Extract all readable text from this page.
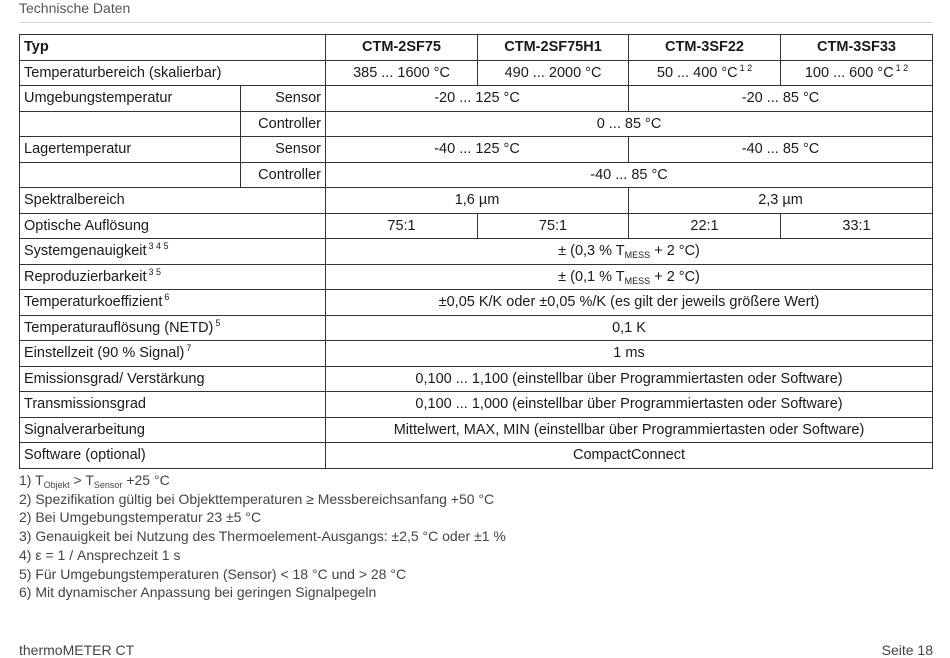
Technische Daten
Typ		CTM-2SF75	CTM-2SF75H1	CTM-3SF22	CTM-3SF33
Temperaturbereich (skalierbar)		385 ... 1600 °C	490 ... 2000 °C	50 ... 400 °C $^{1 2}$	100 ... 600 °C $^{1 2}$
Umgebungstemperatur	Sensor	-20 ... 125 °C		-20 ... 85 °C	
	Controller	0 ... 85 °C			
Lagertemperatur	Sensor	-40 ... 125 °C		-40 ... 85 °C	
	Controller	-40 ... 85 °C			
Spektralbereich		1,6 µm		2,3 µm	
Optische Auflösung		75:1	75:1	22:1	33:1
Systemgenauigkeit $^{3 4 5}$		± (0,3 % $T_{MESS} + 2$ °C)			
Reproduzierbarkeit $^{3 5}$		± (0,1 % $T_{MESS} + 2$ °C)			
Temperaturkoeffizient $^6$		±0,05 K/K oder ±0,05 %/K (es gilt der jeweils größere Wert)			
Temperaturauflösung (NETD) $^5$		0,1 K			
Einstellzeit (90 % Signal) $^7$		1 ms			
Emissionsgrad/ Verstärkung		0,100 ... 1,100 (einstellbar über Programmiertasten oder Software)			
Transmissionsgrad		0,100 ... 1,000 (einstellbar über Programmiertasten oder Software)			
Signalverarbeitung		Mittelwert, MAX, MIN (einstellbar über Programmiertasten oder Software)			
Software (optional)		CompactConnect			
1) $T_{Objekt} > T_{Sensor} +25$ °C
2) Spezifikation gültig bei Objekttemperaturen ≥ Messbereichsanfang +50 °C
2) Bei Umgebungstemperatur 23 ±5 °C
3) Genauigkeit bei Nutzung des Thermoelement-Ausgangs: ±2,5 °C oder ±1 %
4) ε = 1 / Ansprechzeit 1 s
5) Für Umgebungstemperaturen (Sensor) < 18 °C und > 28 °C
6) Mit dynamischer Anpassung bei geringen Signalpegeln
thermoMETER CT	Seite 18
